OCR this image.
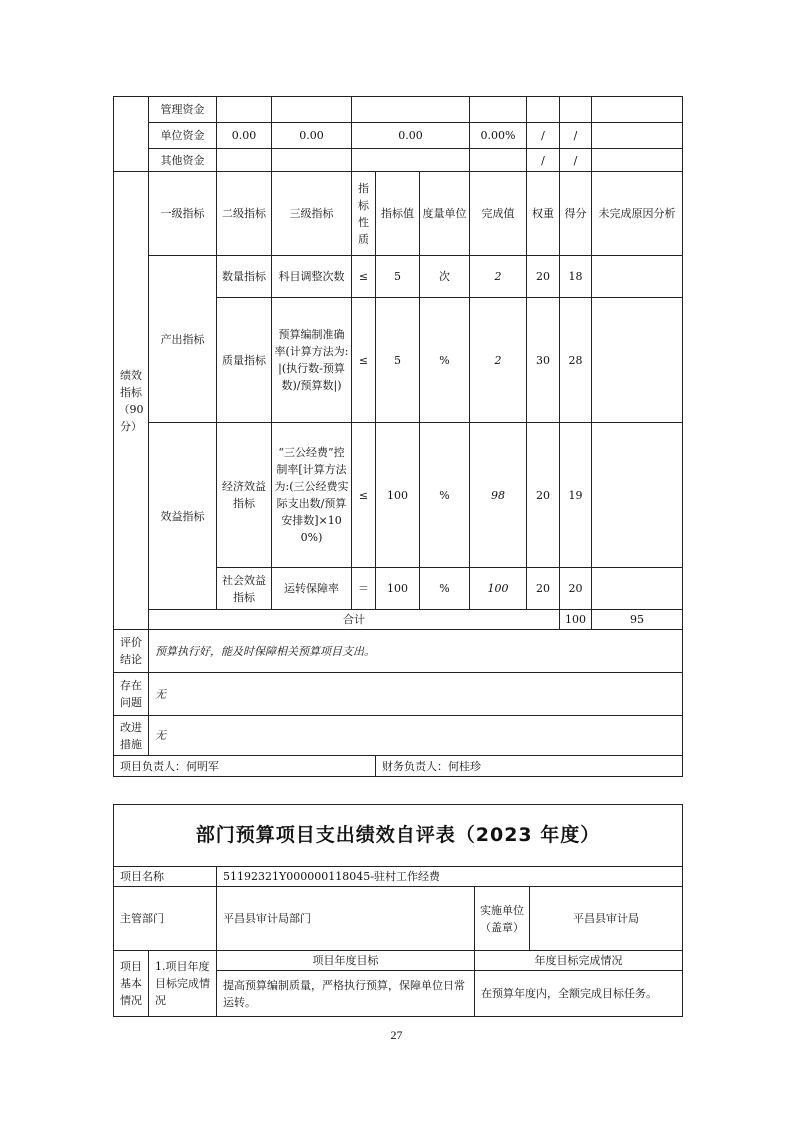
	管理资金										
	单位资金	0.00	0.00	0.00			0.00%	/	/		
	其他资金							/	/		
绩效指标（90分）	一级指标	二级指标	三级指标	指标性质	指标值	度量单位	完成值	权重	得分	未完成原因分析	
	产出指标	数量指标	科目调整次数	≤	5	次	2	20	18		
		质量指标	预算编制准确率(计算方法为:|(执行数-预算数)/预算数|)	≤	5	%	2	30	28		
	效益指标	经济效益指标	“三公经费”控制率[计算方法为:(三公经费实际支出数/预算安排数]×100%)	≤	100	%	98	20	19		
		社会效益指标	运转保障率	＝	100	%	100	20	20		
	合计								100	95	
评价结论	预算执行好，能及时保障相关预算项目支出。										
存在问题	无										
改进措施	无										
项目负责人：何明军					财务负责人：何桂珍						
部门预算项目支出绩效自评表（2023 年度）				
项目名称		51192321Y000000118045-驻村工作经费		
主管部门		平昌县审计局部门	实施单位（盖章）	平昌县审计局
项目基本情况	1.项目年度目标完成情况	项目年度目标	年度目标完成情况	
		提高预算编制质量，严格执行预算，保障单位日常运转。	在预算年度内，全额完成目标任务。	
27
